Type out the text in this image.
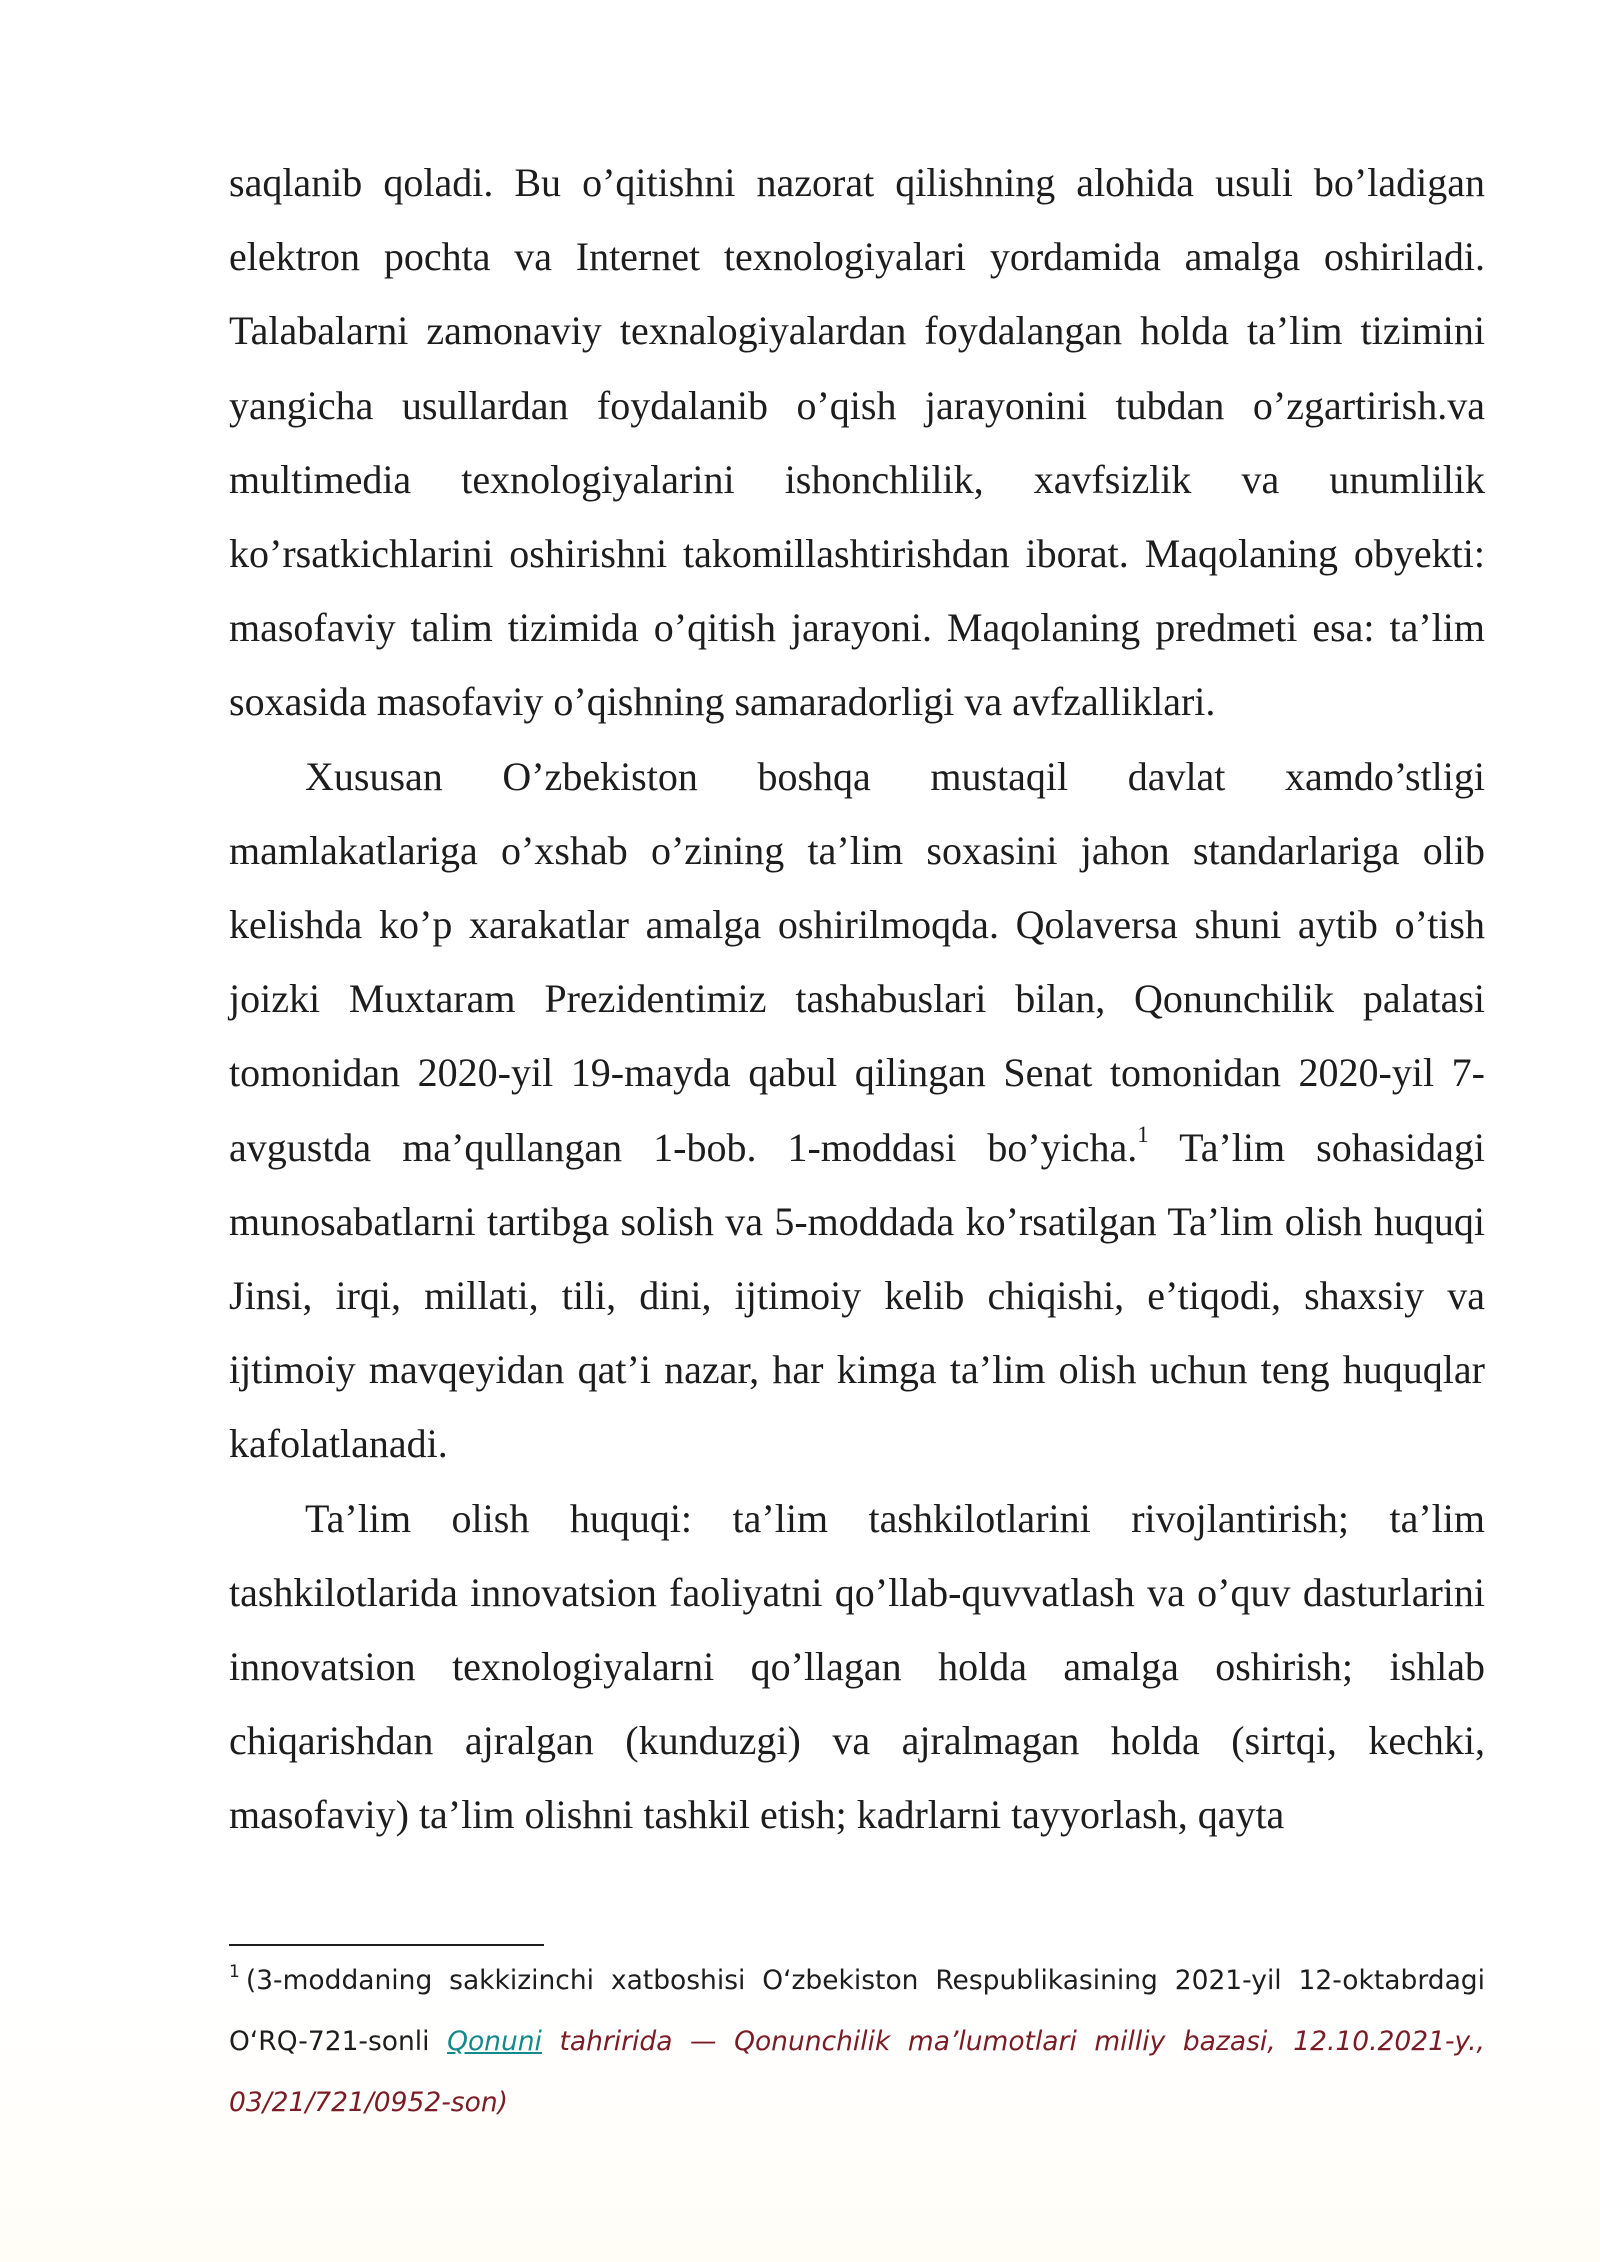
saqlanib qoladi. Bu o’qitishni nazorat qilishning alohida usuli bo’ladigan elektron pochta va Internet texnologiyalari yordamida amalga oshiriladi. Talabalarni zamonaviy texnalogiyalardan foydalangan holda ta’lim tizimini yangicha usullardan foydalanib o’qish jarayonini tubdan o’zgartirish.va multimedia texnologiyalarini ishonchlilik, xavfsizlik va unumlilik ko’rsatkichlarini oshirishni takomillashtirishdan iborat. Maqolaning obyekti: masofaviy talim tizimida o’qitish jarayoni. Maqolaning predmeti esa: ta’lim soxasida masofaviy o’qishning samaradorligi va avfzalliklari.

Xususan O’zbekiston boshqa mustaqil davlat xamdo’stligi mamlakatlariga o’xshab o’zining ta’lim soxasini jahon standarlariga olib kelishda ko’p xarakatlar amalga oshirilmoqda. Qolaversa shuni aytib o’tish joizki Muxtaram Prezidentimiz tashabuslari bilan, Qonunchilik palatasi tomonidan 2020-yil 19-mayda qabul qilingan Senat tomonidan 2020-yil 7-avgustda ma’qullangan 1-bob. 1-moddasi bo’yicha.$^1$ Ta’lim sohasidagi munosabatlarni tartibga solish va 5-moddada ko’rsatilgan Ta’lim olish huquqi Jinsi, irqi, millati, tili, dini, ijtimoiy kelib chiqishi, e’tiqodi, shaxsiy va ijtimoiy mavqeyidan qat’i nazar, har kimga ta’lim olish uchun teng huquqlar kafolatlanadi.

Ta’lim olish huquqi: ta’lim tashkilotlarini rivojlantirish; ta’lim tashkilotlarida innovatsion faoliyatni qo’llab-quvvatlash va o’quv dasturlarini innovatsion texnologiyalarni qo’llagan holda amalga oshirish; ishlab chiqarishdan ajralgan (kunduzgi) va ajralmagan holda (sirtqi, kechki, masofaviy) ta’lim olishni tashkil etish; kadrlarni tayyorlash, qayta

$^1$ (3-moddaning sakkizinchi xatboshisi O‘zbekiston Respublikasining 2021-yil 12-oktabrdagi O‘RQ-721-sonli Qonuni tahririda — Qonunchilik ma’lumotlari milliy bazasi, 12.10.2021-y., 03/21/721/0952-son)
